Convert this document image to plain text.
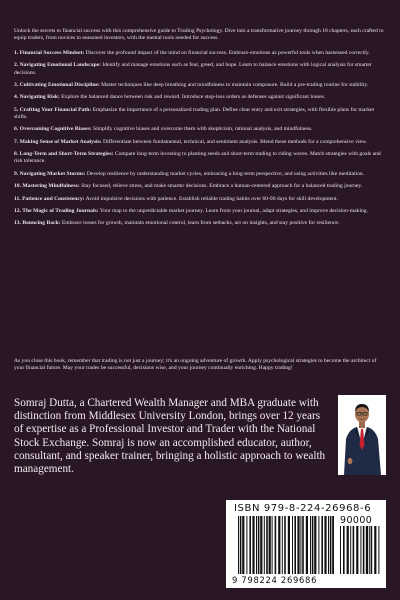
Unlock the secrets to financial success with this comprehensive guide to Trading Psychology. Dive into a transformative journey through 18 chapters, each crafted to equip traders, from novices to seasoned investors, with the mental tools needed for success.

1. Financial Success Mindset: Discover the profound impact of the mind on financial success. Embrace emotions as powerful tools when harnessed correctly.
2. Navigating Emotional Landscape: Identify and manage emotions such as fear, greed, and hope. Learn to balance emotions with logical analysis for smarter decisions.
3. Cultivating Emotional Discipline: Master techniques like deep breathing and mindfulness to maintain composure. Build a pre-trading routine for stability.
4. Navigating Risk: Explore the balanced dance between risk and reward. Introduce stop-loss orders as defenses against significant losses.
5. Crafting Your Financial Path: Emphasize the importance of a personalized trading plan. Define clear entry and exit strategies, with flexible plans for market shifts.
6. Overcoming Cognitive Biases: Simplify cognitive biases and overcome them with skepticism, rational analysis, and mindfulness.
7. Making Sense of Market Analysis: Differentiate between fundamental, technical, and sentiment analysis. Blend these methods for a comprehensive view.
8. Long-Term and Short-Term Strategies: Compare long-term investing to planting seeds and short-term trading to riding waves. Match strategies with goals and risk tolerance.
9. Navigating Market Storms: Develop resilience by understanding market cycles, embracing a long-term perspective, and using activities like meditation.
10. Mastering Mindfulness: Stay focused, relieve stress, and make smarter decisions. Embrace a human-centered approach for a balanced trading journey.
11. Patience and Consistency: Avoid impulsive decisions with patience. Establish reliable trading habits over 60-90 days for skill development.
12. The Magic of Trading Journals: Your map to the unpredictable market journey. Learn from your journal, adapt strategies, and improve decision-making.
13. Bouncing Back: Embrace losses for growth, maintain emotional control, learn from setbacks, act on insights, and stay positive for resilience.

As you close this book, remember that trading is not just a journey; it's an ongoing adventure of growth. Apply psychological strategies to become the architect of your financial future. May your trades be successful, decisions wise, and your journey continually enriching. Happy trading!

Somraj Dutta, a Chartered Wealth Manager and MBA graduate with distinction from Middlesex University London, brings over 12 years of expertise as a Professional Investor and Trader with the National Stock Exchange. Somraj is now an accomplished educator, author, consultant, and speaker trainer, bringing a holistic approach to wealth management.

ISBN 979-8-224-26968-6
90000
9 798224 269686
